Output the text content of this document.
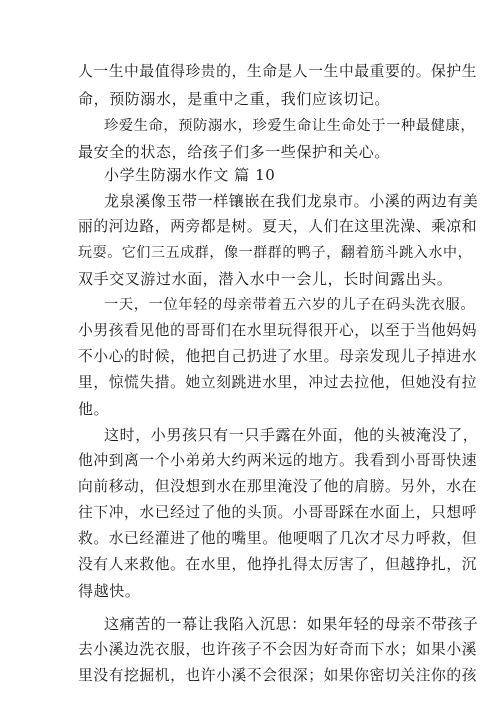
人一生中最值得珍贵的，生命是人一生中最重要的。保护生
命，预防溺水，是重中之重，我们应该切记。
珍爱生命，预防溺水，珍爱生命让生命处于一种最健康，
最安全的状态，给孩子们多一些保护和关心。
小学生防溺水作文 篇 10
龙泉溪像玉带一样镶嵌在我们龙泉市。小溪的两边有美
丽的河边路，两旁都是树。夏天，人们在这里洗澡、乘凉和
玩耍。它们三五成群，像一群群的鸭子，翻着筋斗跳入水中，
双手交叉游过水面，潜入水中一会儿，长时间露出头。
一天，一位年轻的母亲带着五六岁的儿子在码头洗衣服。
小男孩看见他的哥哥们在水里玩得很开心，以至于当他妈妈
不小心的时候，他把自己扔进了水里。母亲发现儿子掉进水
里，惊慌失措。她立刻跳进水里，冲过去拉他，但她没有拉
他。
这时，小男孩只有一只手露在外面，他的头被淹没了，
他冲到离一个小弟弟大约两米远的地方。我看到小哥哥快速
向前移动，但没想到水在那里淹没了他的肩膀。另外，水在
往下冲，水已经过了他的头顶。小哥哥踩在水面上，只想呼
救。水已经灌进了他的嘴里。他哽咽了几次才尽力呼救，但
没有人来救他。在水里，他挣扎得太厉害了，但越挣扎，沉
得越快。
这痛苦的一幕让我陷入沉思：如果年轻的母亲不带孩子
去小溪边洗衣服，也许孩子不会因为好奇而下水；如果小溪
里没有挖掘机，也许小溪不会很深；如果你密切关注你的孩
